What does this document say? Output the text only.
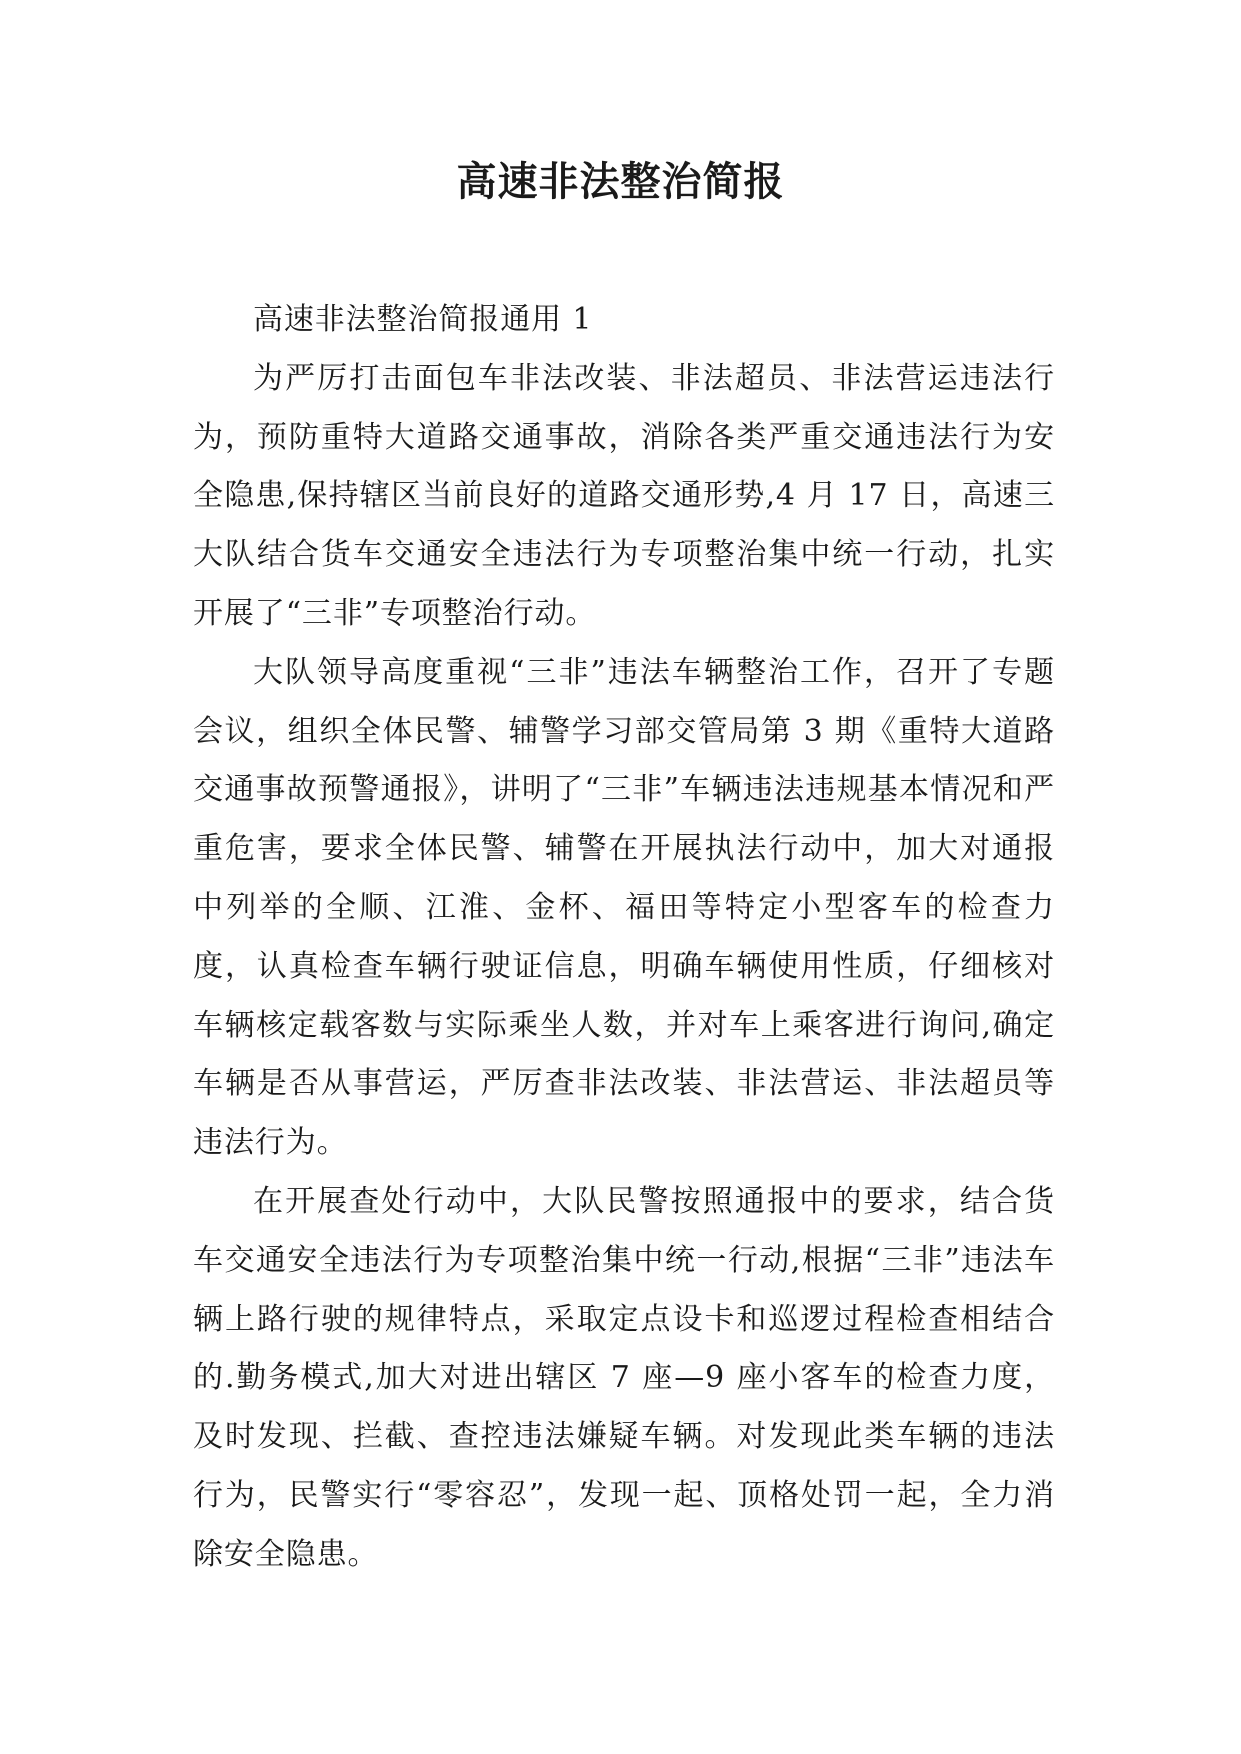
高速非法整治简报

高速非法整治简报通用 1

为严厉打击面包车非法改装、非法超员、非法营运违法行为，预防重特大道路交通事故，消除各类严重交通违法行为安全隐患,保持辖区当前良好的道路交通形势,4 月 17 日，高速三大队结合货车交通安全违法行为专项整治集中统一行动，扎实开展了“三非”专项整治行动。

大队领导高度重视“三非”违法车辆整治工作，召开了专题会议，组织全体民警、辅警学习部交管局第 3 期《重特大道路交通事故预警通报》，讲明了“三非”车辆违法违规基本情况和严重危害，要求全体民警、辅警在开展执法行动中，加大对通报中列举的全顺、江淮、金杯、福田等特定小型客车的检查力度，认真检查车辆行驶证信息，明确车辆使用性质，仔细核对车辆核定载客数与实际乘坐人数，并对车上乘客进行询问,确定车辆是否从事营运，严厉查非法改装、非法营运、非法超员等违法行为。

在开展查处行动中，大队民警按照通报中的要求，结合货车交通安全违法行为专项整治集中统一行动,根据“三非”违法车辆上路行驶的规律特点，采取定点设卡和巡逻过程检查相结合的.勤务模式,加大对进出辖区 7 座—9 座小客车的检查力度，及时发现、拦截、查控违法嫌疑车辆。对发现此类车辆的违法行为，民警实行“零容忍”，发现一起、顶格处罚一起，全力消除安全隐患。
